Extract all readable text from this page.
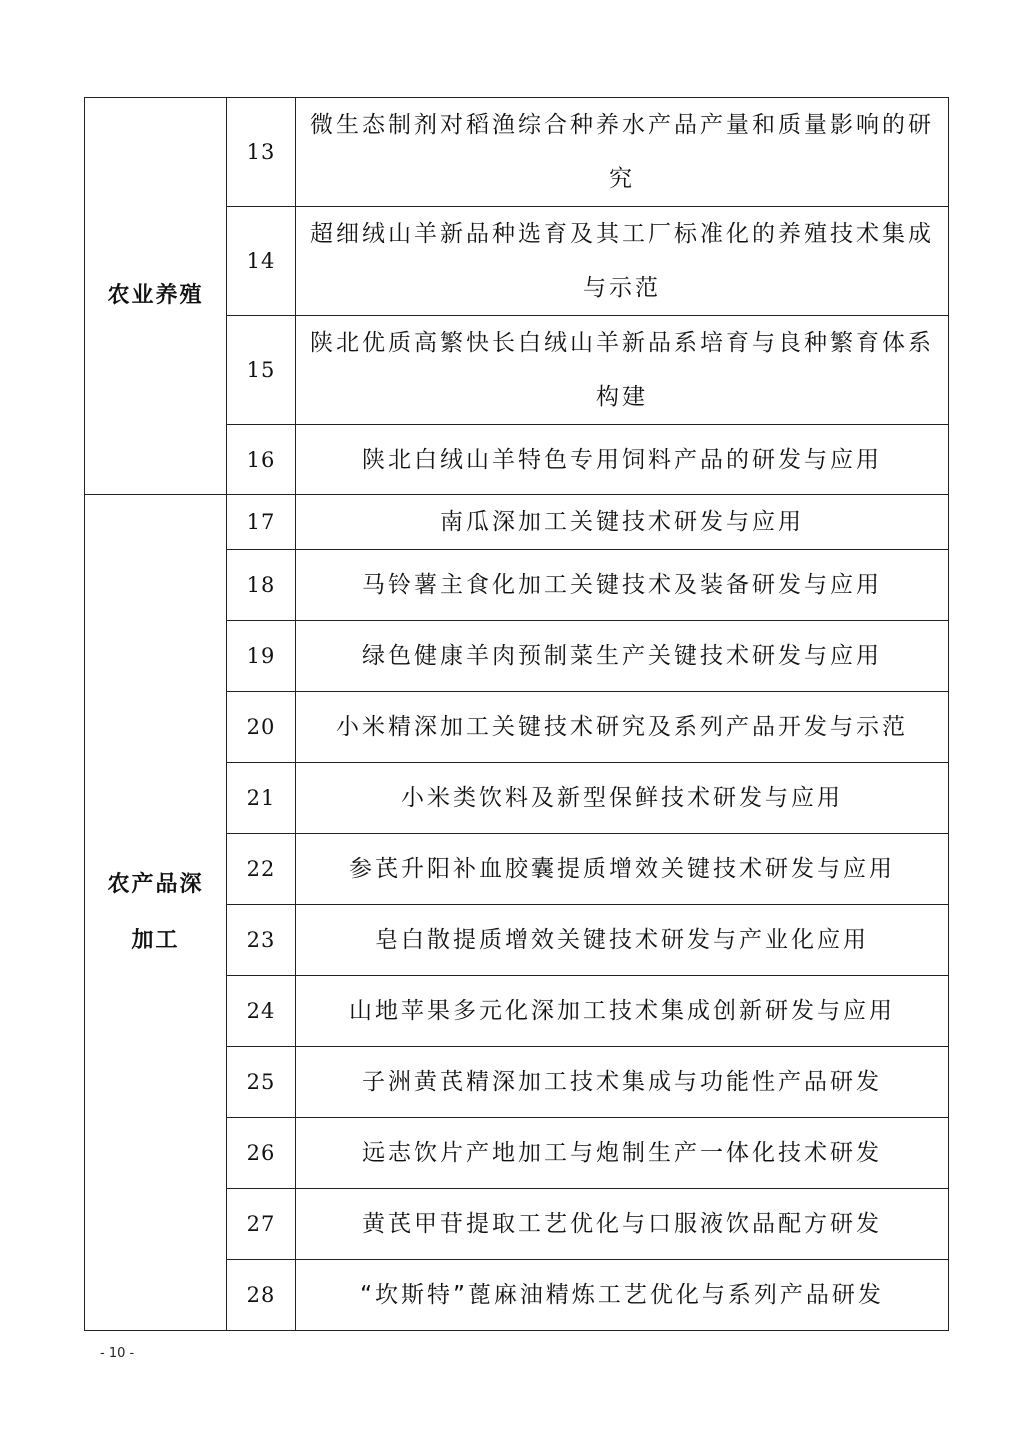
农业养殖	13	微生态制剂对稻渔综合种养水产品产量和质量影响的研究
	14	超细绒山羊新品种选育及其工厂标准化的养殖技术集成与示范
	15	陕北优质高繁快长白绒山羊新品系培育与良种繁育体系构建
	16	陕北白绒山羊特色专用饲料产品的研发与应用
农产品深加工	17	南瓜深加工关键技术研发与应用
	18	马铃薯主食化加工关键技术及装备研发与应用
	19	绿色健康羊肉预制菜生产关键技术研发与应用
	20	小米精深加工关键技术研究及系列产品开发与示范
	21	小米类饮料及新型保鲜技术研发与应用
	22	参芪升阳补血胶囊提质增效关键技术研发与应用
	23	皂白散提质增效关键技术研发与产业化应用
	24	山地苹果多元化深加工技术集成创新研发与应用
	25	子洲黄芪精深加工技术集成与功能性产品研发
	26	远志饮片产地加工与炮制生产一体化技术研发
	27	黄芪甲苷提取工艺优化与口服液饮品配方研发
	28	“坎斯特”蓖麻油精炼工艺优化与系列产品研发
- 10 -
